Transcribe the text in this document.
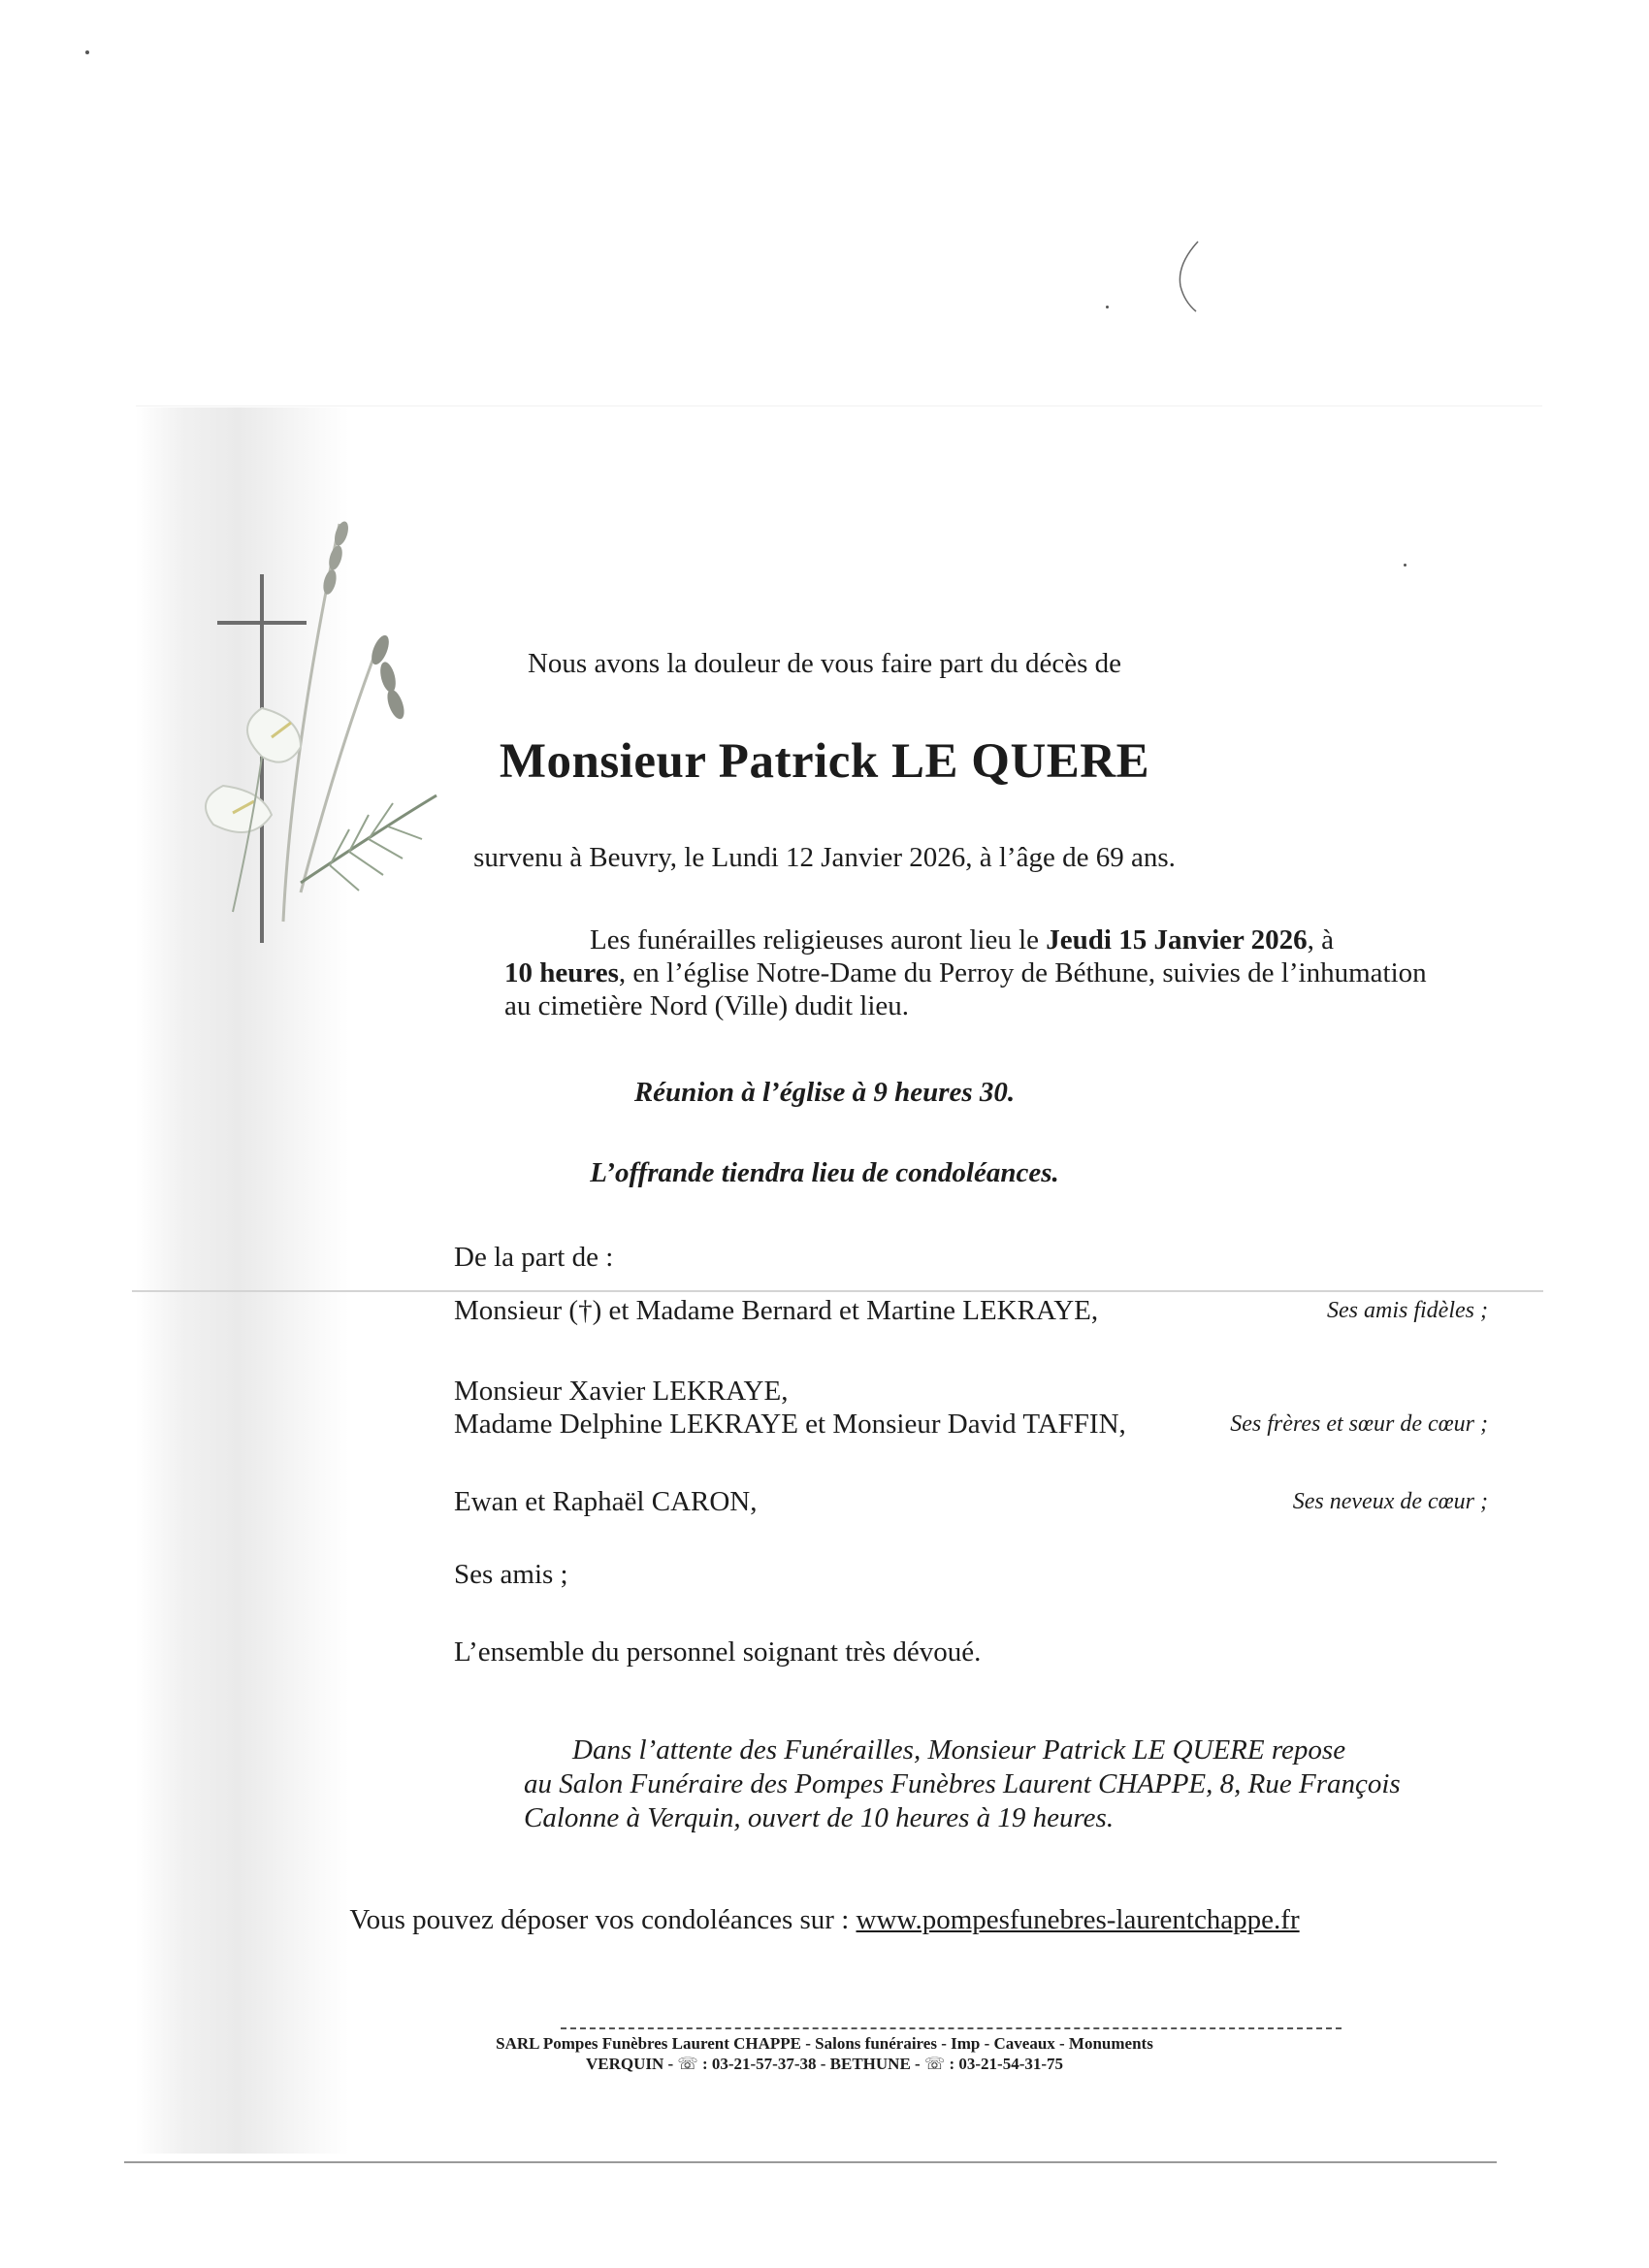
Nous avons la douleur de vous faire part du décès de
Monsieur Patrick LE QUERE
survenu à Beuvry, le Lundi 12 Janvier 2026, à l’âge de 69 ans.

Les funérailles religieuses auront lieu le Jeudi 15 Janvier 2026, à

10 heures, en l’église Notre-Dame du Perroy de Béthune, suivies de l’inhumation

au cimetière Nord (Ville) dudit lieu.

Réunion à l’église à 9 heures 30.
L’offrande tiendra lieu de condoléances.
De la part de :
Monsieur (†) et Madame Bernard et Martine LEKRAYE,	Ses amis fidèles ;
Monsieur Xavier LEKRAYE,
Madame Delphine LEKRAYE et Monsieur David TAFFIN,	Ses frères et sœur de cœur ;
Ewan et Raphaël CARON,	Ses neveux de cœur ;
Ses amis ;
L’ensemble du personnel soignant très dévoué.
Dans l’attente des Funérailles, Monsieur Patrick LE QUERE repose
au Salon Funéraire des Pompes Funèbres Laurent CHAPPE, 8, Rue François
Calonne à Verquin, ouvert de 10 heures à 19 heures.
Vous pouvez déposer vos condoléances sur : www.pompesfunebres-laurentchappe.fr
SARL Pompes Funèbres Laurent CHAPPE - Salons funéraires - Imp - Caveaux - Monuments
VERQUIN - ☏ : 03-21-57-37-38 - BETHUNE - ☏ : 03-21-54-31-75
